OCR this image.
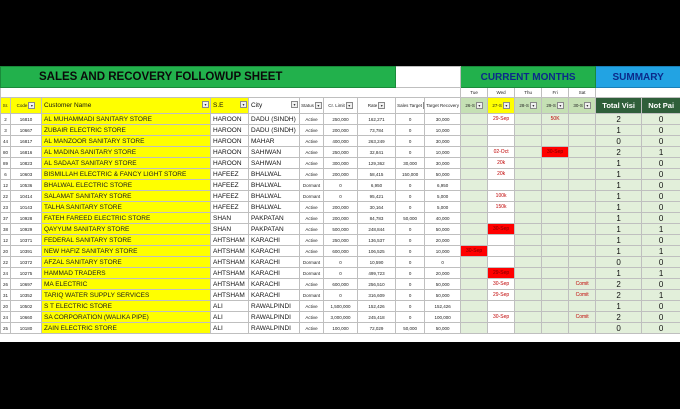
SALES AND RECOVERY FOLLOWUP SHEET										CURRENT MONTHS					SUMMARY	
										Tue	Wed	Thu	Fri	Sat		
Sr.	Code ▾	Customer Name ▾	S.E ▾	City ▾	Status ▾	Cr. Limit ▾	Rate ▾	Sales Target	Target Recovery	26-S ▾	27-S ▾	28-S ▾	29-S ▾	30-S ▾	Total Visi	Not Pai
2	16810	AL MUHAMMADI SANITARY STORE	HAROON	DADU (SINDH)	Active	250,000	162,271	0	30,000		29-Sep		50K		2	0
3	10667	ZUBAIR ELECTRIC STORE	HAROON	DADU (SINDH)	Active	200,000	73,784	0	10,000						1	0
44	16817	AL MANZOOR SANITARY STORE	HAROON	MAHAR	Active	400,000	263,249	0	30,000						0	0
80	16816	AL MADINA SANITARY STORE	HAROON	SAHIWAN	Active	250,000	32,841	0	10,000		02-Oct		30-Sep		2	1
89	10823	AL SADAAT SANITARY STORE	HAROON	SAHIWAN	Active	300,000	129,362	30,000	30,000		20k				1	0
6	10603	BISMILLAH ELECTRIC & FANCY LIGHT STORE	HAFEEZ	BHALWAL	Active	200,000	58,415	150,000	50,000		20k				1	0
12	10536	BHALWAL ELECTRIC STORE	HAFEEZ	BHALWAL	Dormant	0	6,950	0	6,950						1	0
22	10414	SALAMAT SANITARY STORE	HAFEEZ	BHALWAL	Dormant	0	95,421	0	5,000		100k				1	0
23	10143	TALHA SANITARY STORE	HAFEEZ	BHALWAL	Active	200,000	30,164	0	5,000		150k				1	0
37	10928	FATEH FAREED ELECTRIC STORE	SHAN	PAKPATAN	Active	200,000	84,783	50,000	40,000						1	0
38	10929	QAYYUM SANITARY STORE	SHAN	PAKPATAN	Active	500,000	248,844	0	50,000		30-Sep				1	1
12	10371	FEDERAL SANITARY STORE	AHTSHAM	KARACHI	Active	250,000	136,537	0	20,000						1	0
20	10391	NEW HAFIZ SANITARY STORE	AHTSHAM	KARACHI	Active	600,000	106,525	0	10,000	30-Sep					1	1
22	10372	AFZAL SANITARY STORE	AHTSHAM	KARACHI	Dormant	0	10,590	0	0						0	0
24	10275	HAMMAD TRADERS	AHTSHAM	KARACHI	Dormant	0	499,723	0	20,000		29-Sep				1	1
26	10697	MA ELECTRIC	AHTSHAM	KARACHI	Active	600,000	256,510	0	50,000		30-Sep			Comit	2	0
31	10352	TARIQ WATER SUPPLY SERVICES	AHTSHAM	KARACHI	Dormant	0	316,609	0	50,000		29-Sep			Comit	2	1
20	10502	S T ELECTRIC STORE	ALI	RAWALPINDI	Active	1,500,000	152,426	0	152,426						1	0
24	10660	SA CORPORATION (WALIKA PIPE)	ALI	RAWALPINDI	Active	3,000,000	245,418	0	100,000		30-Sep			Comit	2	0
25	10180	ZAIN ELECTRIC STORE	ALI	RAWALPINDI	Active	100,000	72,029	50,000	50,000						0	0
